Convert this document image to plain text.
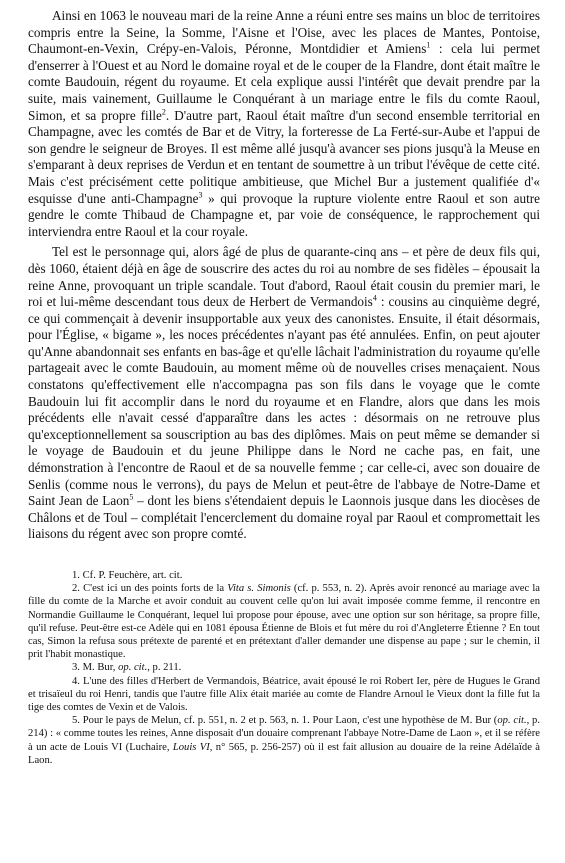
Ainsi en 1063 le nouveau mari de la reine Anne a réuni entre ses mains un bloc de territoires compris entre la Seine, la Somme, l'Aisne et l'Oise, avec les places de Mantes, Pontoise, Chaumont-en-Vexin, Crépy-en-Valois, Péronne, Montdidier et Amiens$^1$ : cela lui permet d'enserrer à l'Ouest et au Nord le domaine royal et de le couper de la Flandre, dont était maître le comte Baudouin, régent du royaume. Et cela explique aussi l'intérêt que devait prendre par la suite, mais vainement, Guillaume le Conquérant à un mariage entre le fils du comte Raoul, Simon, et sa propre fille$^2$. D'autre part, Raoul était maître d'un second ensemble territorial en Champagne, avec les comtés de Bar et de Vitry, la forteresse de La Ferté-sur-Aube et l'appui de son gendre le seigneur de Broyes. Il est même allé jusqu'à avancer ses pions jusqu'à la Meuse en s'emparant à deux reprises de Verdun et en tentant de soumettre à un tribut l'évêque de cette cité. Mais c'est précisément cette politique ambitieuse, que Michel Bur a justement qualifiée d'« esquisse d'une anti-Champagne$^3$ » qui provoque la rupture violente entre Raoul et son autre gendre le comte Thibaud de Champagne et, par voie de conséquence, le rapprochement qui interviendra entre Raoul et la cour royale.

Tel est le personnage qui, alors âgé de plus de quarante-cinq ans – et père de deux fils qui, dès 1060, étaient déjà en âge de souscrire des actes du roi au nombre de ses fidèles – épousait la reine Anne, provoquant un triple scandale. Tout d'abord, Raoul était cousin du premier mari, le roi et lui-même descendant tous deux de Herbert de Vermandois$^4$ : cousins au cinquième degré, ce qui commençait à devenir insupportable aux yeux des canonistes. Ensuite, il était désormais, pour l'Église, « bigame », les noces précédentes n'ayant pas été annulées. Enfin, on peut ajouter qu'Anne abandonnait ses enfants en bas-âge et qu'elle lâchait l'administration du royaume qu'elle partageait avec le comte Baudouin, au moment même où de nouvelles crises menaçaient. Nous constatons qu'effectivement elle n'accompagna pas son fils dans le voyage que le comte Baudouin lui fit accomplir dans le nord du royaume et en Flandre, alors que dans les mois précédents elle n'avait cessé d'apparaître dans les actes : désormais on ne retrouve plus qu'exceptionnellement sa souscription au bas des diplômes. Mais on peut même se demander si le voyage de Baudouin et du jeune Philippe dans le Nord ne cache pas, en fait, une démonstration à l'encontre de Raoul et de sa nouvelle femme ; car celle-ci, avec son douaire de Senlis (comme nous le verrons), du pays de Melun et peut-être de l'abbaye de Notre-Dame et Saint Jean de Laon$^5$ – dont les biens s'étendaient depuis le Laonnois jusque dans les diocèses de Châlons et de Toul – complétait l'encerclement du domaine royal par Raoul et compromettait les liaisons du régent avec son propre comté.

1. Cf. P. Feuchère, art. cit.

2. C'est ici un des points forts de la Vita s. Simonis (cf. p. 553, n. 2). Après avoir renoncé au mariage avec la fille du comte de la Marche et avoir conduit au couvent celle qu'on lui avait imposée comme femme, il rencontre en Normandie Guillaume le Conquérant, lequel lui propose pour épouse, avec une option sur son héritage, sa propre fille, qu'il refuse. Peut-être est-ce Adèle qui en 1081 épousa Étienne de Blois et fut mère du roi d'Angleterre Étienne ? En tout cas, Simon la refusa sous prétexte de parenté et en prétextant d'aller demander une dispense au pape ; sur le chemin, il prit l'habit monastique.

3. M. Bur, op. cit., p. 211.

4. L'une des filles d'Herbert de Vermandois, Béatrice, avait épousé le roi Robert Ier, père de Hugues le Grand et trisaïeul du roi Henri, tandis que l'autre fille Alix était mariée au comte de Flandre Arnoul le Vieux dont la fille fut la tige des comtes de Vexin et de Valois.

5. Pour le pays de Melun, cf. p. 551, n. 2 et p. 563, n. 1. Pour Laon, c'est une hypothèse de M. Bur (op. cit., p. 214) : « comme toutes les reines, Anne disposait d'un douaire comprenant l'abbaye Notre-Dame de Laon », et il se réfère à un acte de Louis VI (Luchaire, Louis VI, n° 565, p. 256-257) où il est fait allusion au douaire de la reine Adélaïde à Laon.
